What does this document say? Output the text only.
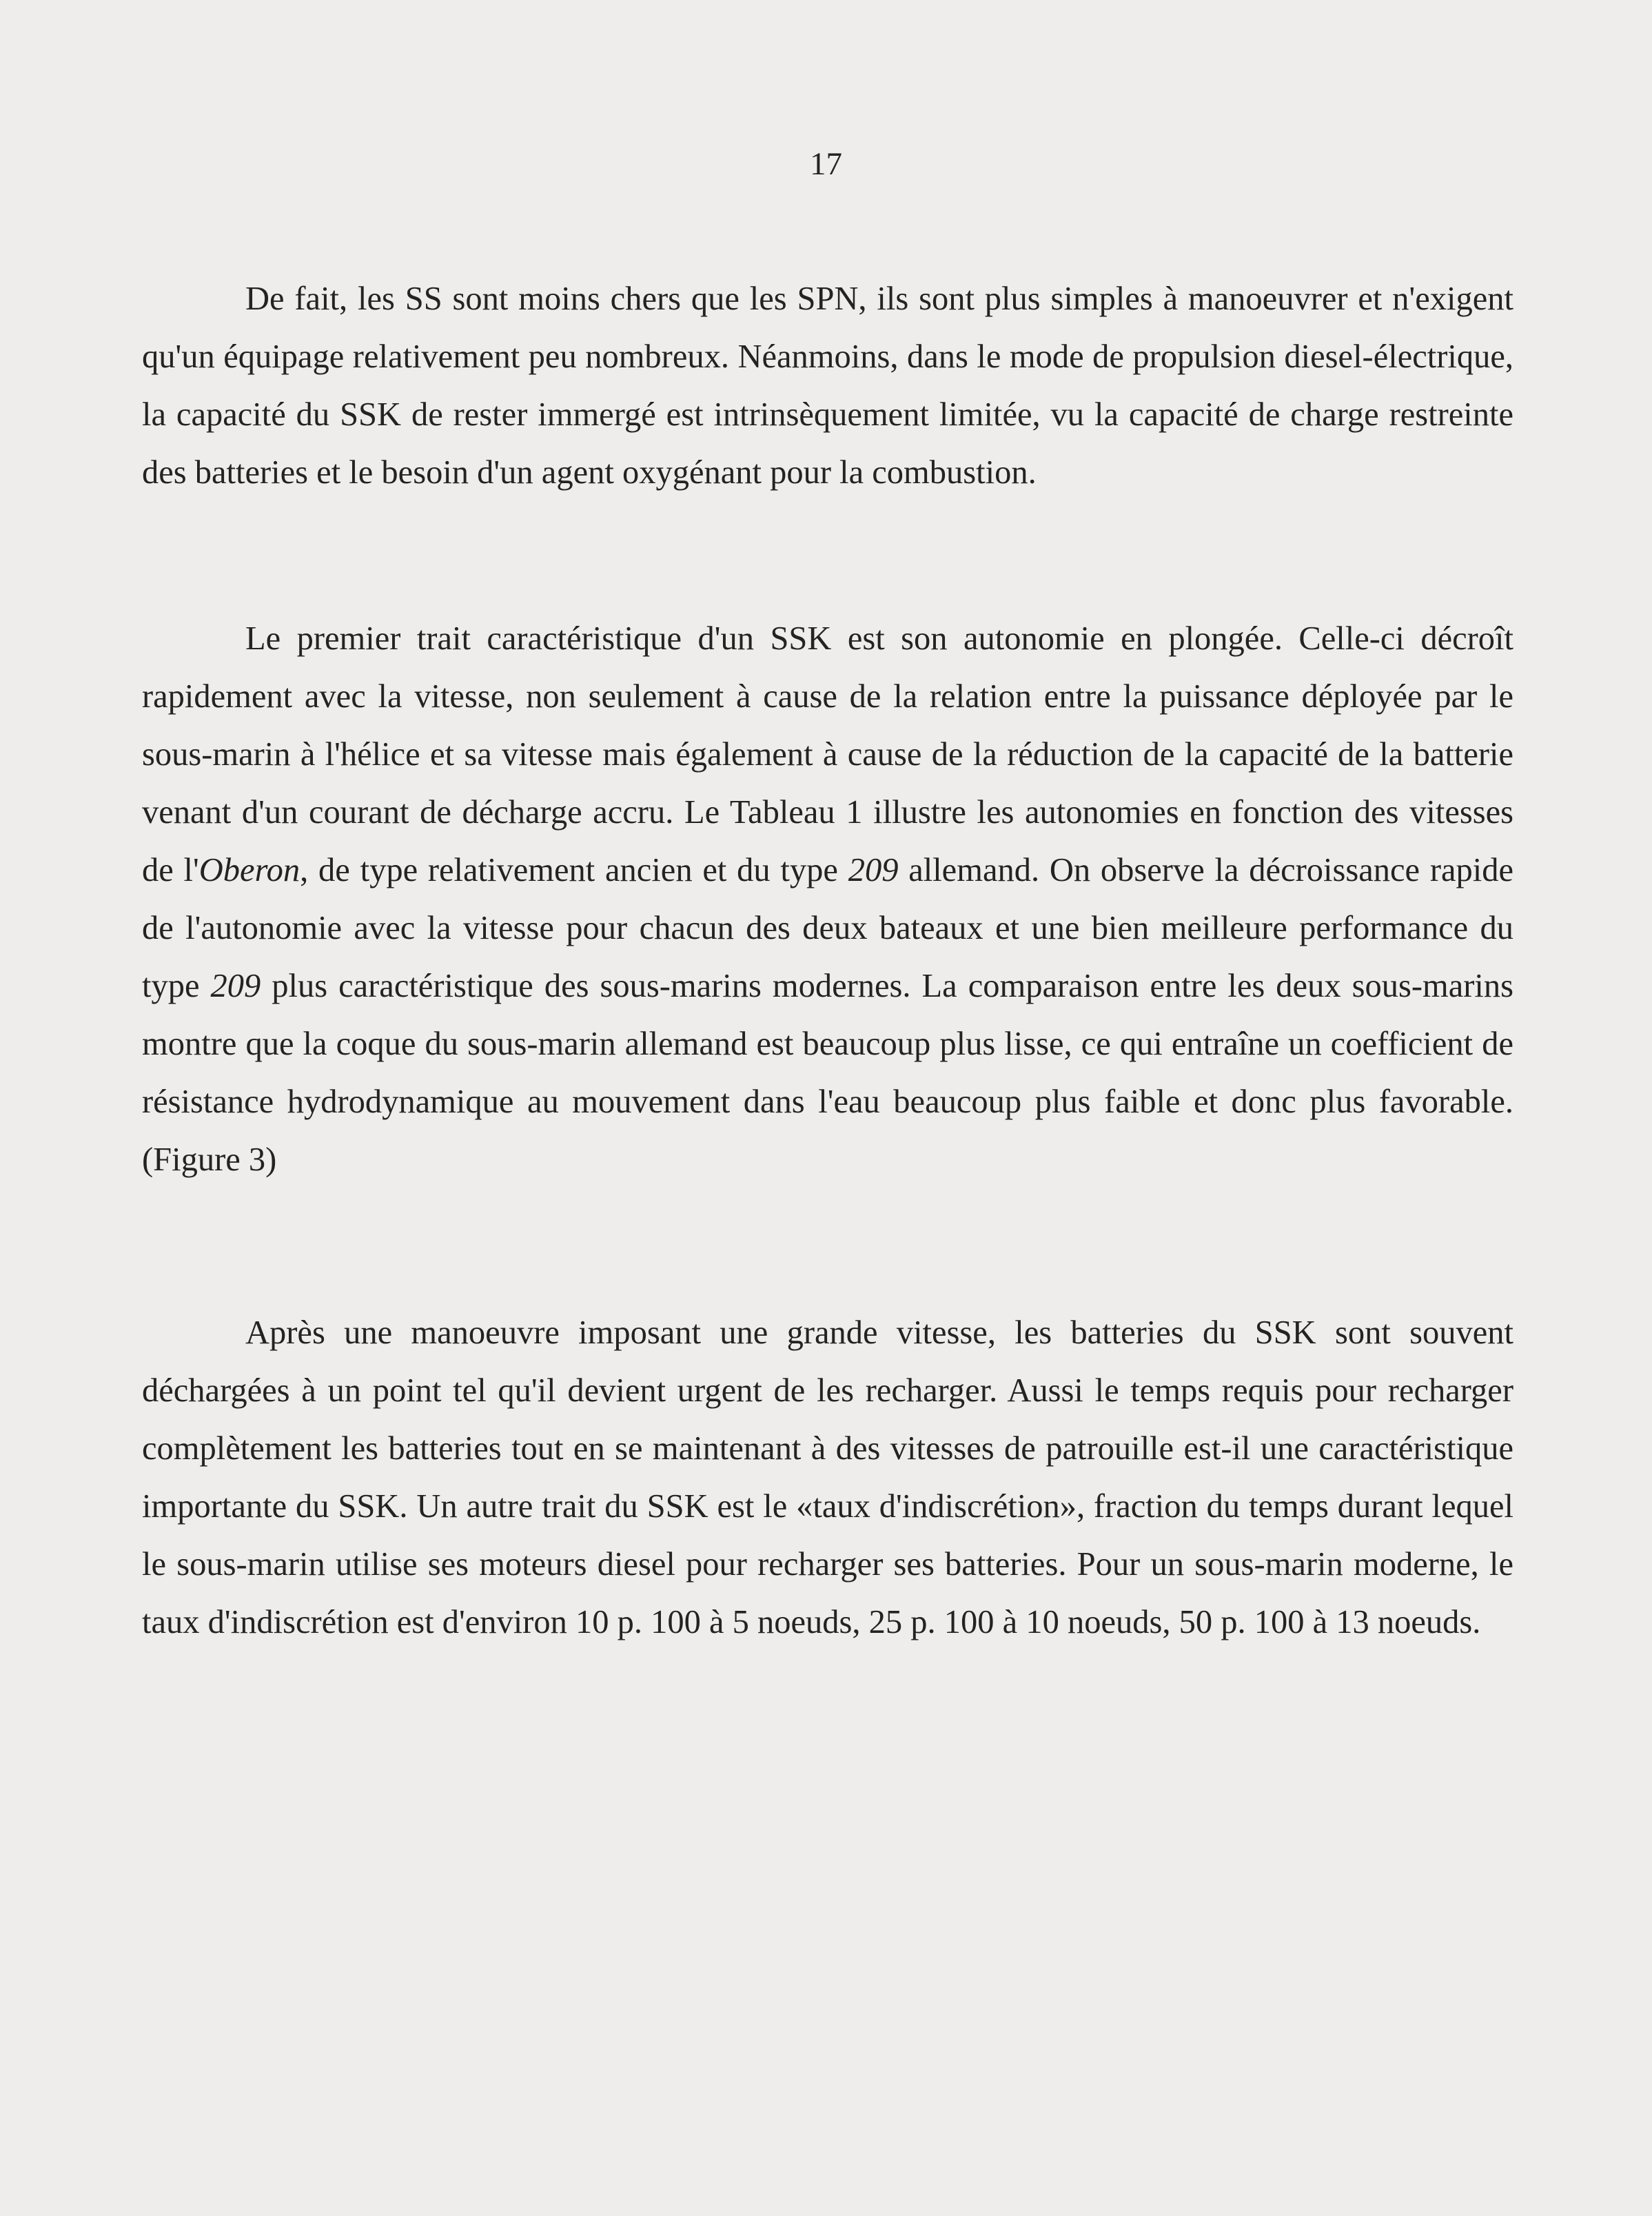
17

De fait, les SS sont moins chers que les SPN, ils sont plus simples à manoeuvrer et n'exigent qu'un équipage relativement peu nombreux. Néanmoins, dans le mode de propulsion diesel-électrique, la capacité du SSK de rester immergé est intrinsèquement limitée, vu la capacité de charge restreinte des batteries et le besoin d'un agent oxygénant pour la combustion.

Le premier trait caractéristique d'un SSK est son autonomie en plongée. Celle-ci décroît rapidement avec la vitesse, non seulement à cause de la relation entre la puissance déployée par le sous-marin à l'hélice et sa vitesse mais également à cause de la réduction de la capacité de la batterie venant d'un courant de décharge accru. Le Tableau 1 illustre les autonomies en fonction des vitesses de l'Oberon, de type relativement ancien et du type 209 allemand. On observe la décroissance rapide de l'autonomie avec la vitesse pour chacun des deux bateaux et une bien meilleure performance du type 209 plus caractéristique des sous-marins modernes. La comparaison entre les deux sous-marins montre que la coque du sous-marin allemand est beaucoup plus lisse, ce qui entraîne un coefficient de résistance hydrodynamique au mouvement dans l'eau beaucoup plus faible et donc plus favorable. (Figure 3)

Après une manoeuvre imposant une grande vitesse, les batteries du SSK sont souvent déchargées à un point tel qu'il devient urgent de les recharger. Aussi le temps requis pour recharger complètement les batteries tout en se maintenant à des vitesses de patrouille est-il une caractéristique importante du SSK. Un autre trait du SSK est le «taux d'indiscrétion», fraction du temps durant lequel le sous-marin utilise ses moteurs diesel pour recharger ses batteries. Pour un sous-marin moderne, le taux d'indiscrétion est d'environ 10 p. 100 à 5 noeuds, 25 p. 100 à 10 noeuds, 50 p. 100 à 13 noeuds.
